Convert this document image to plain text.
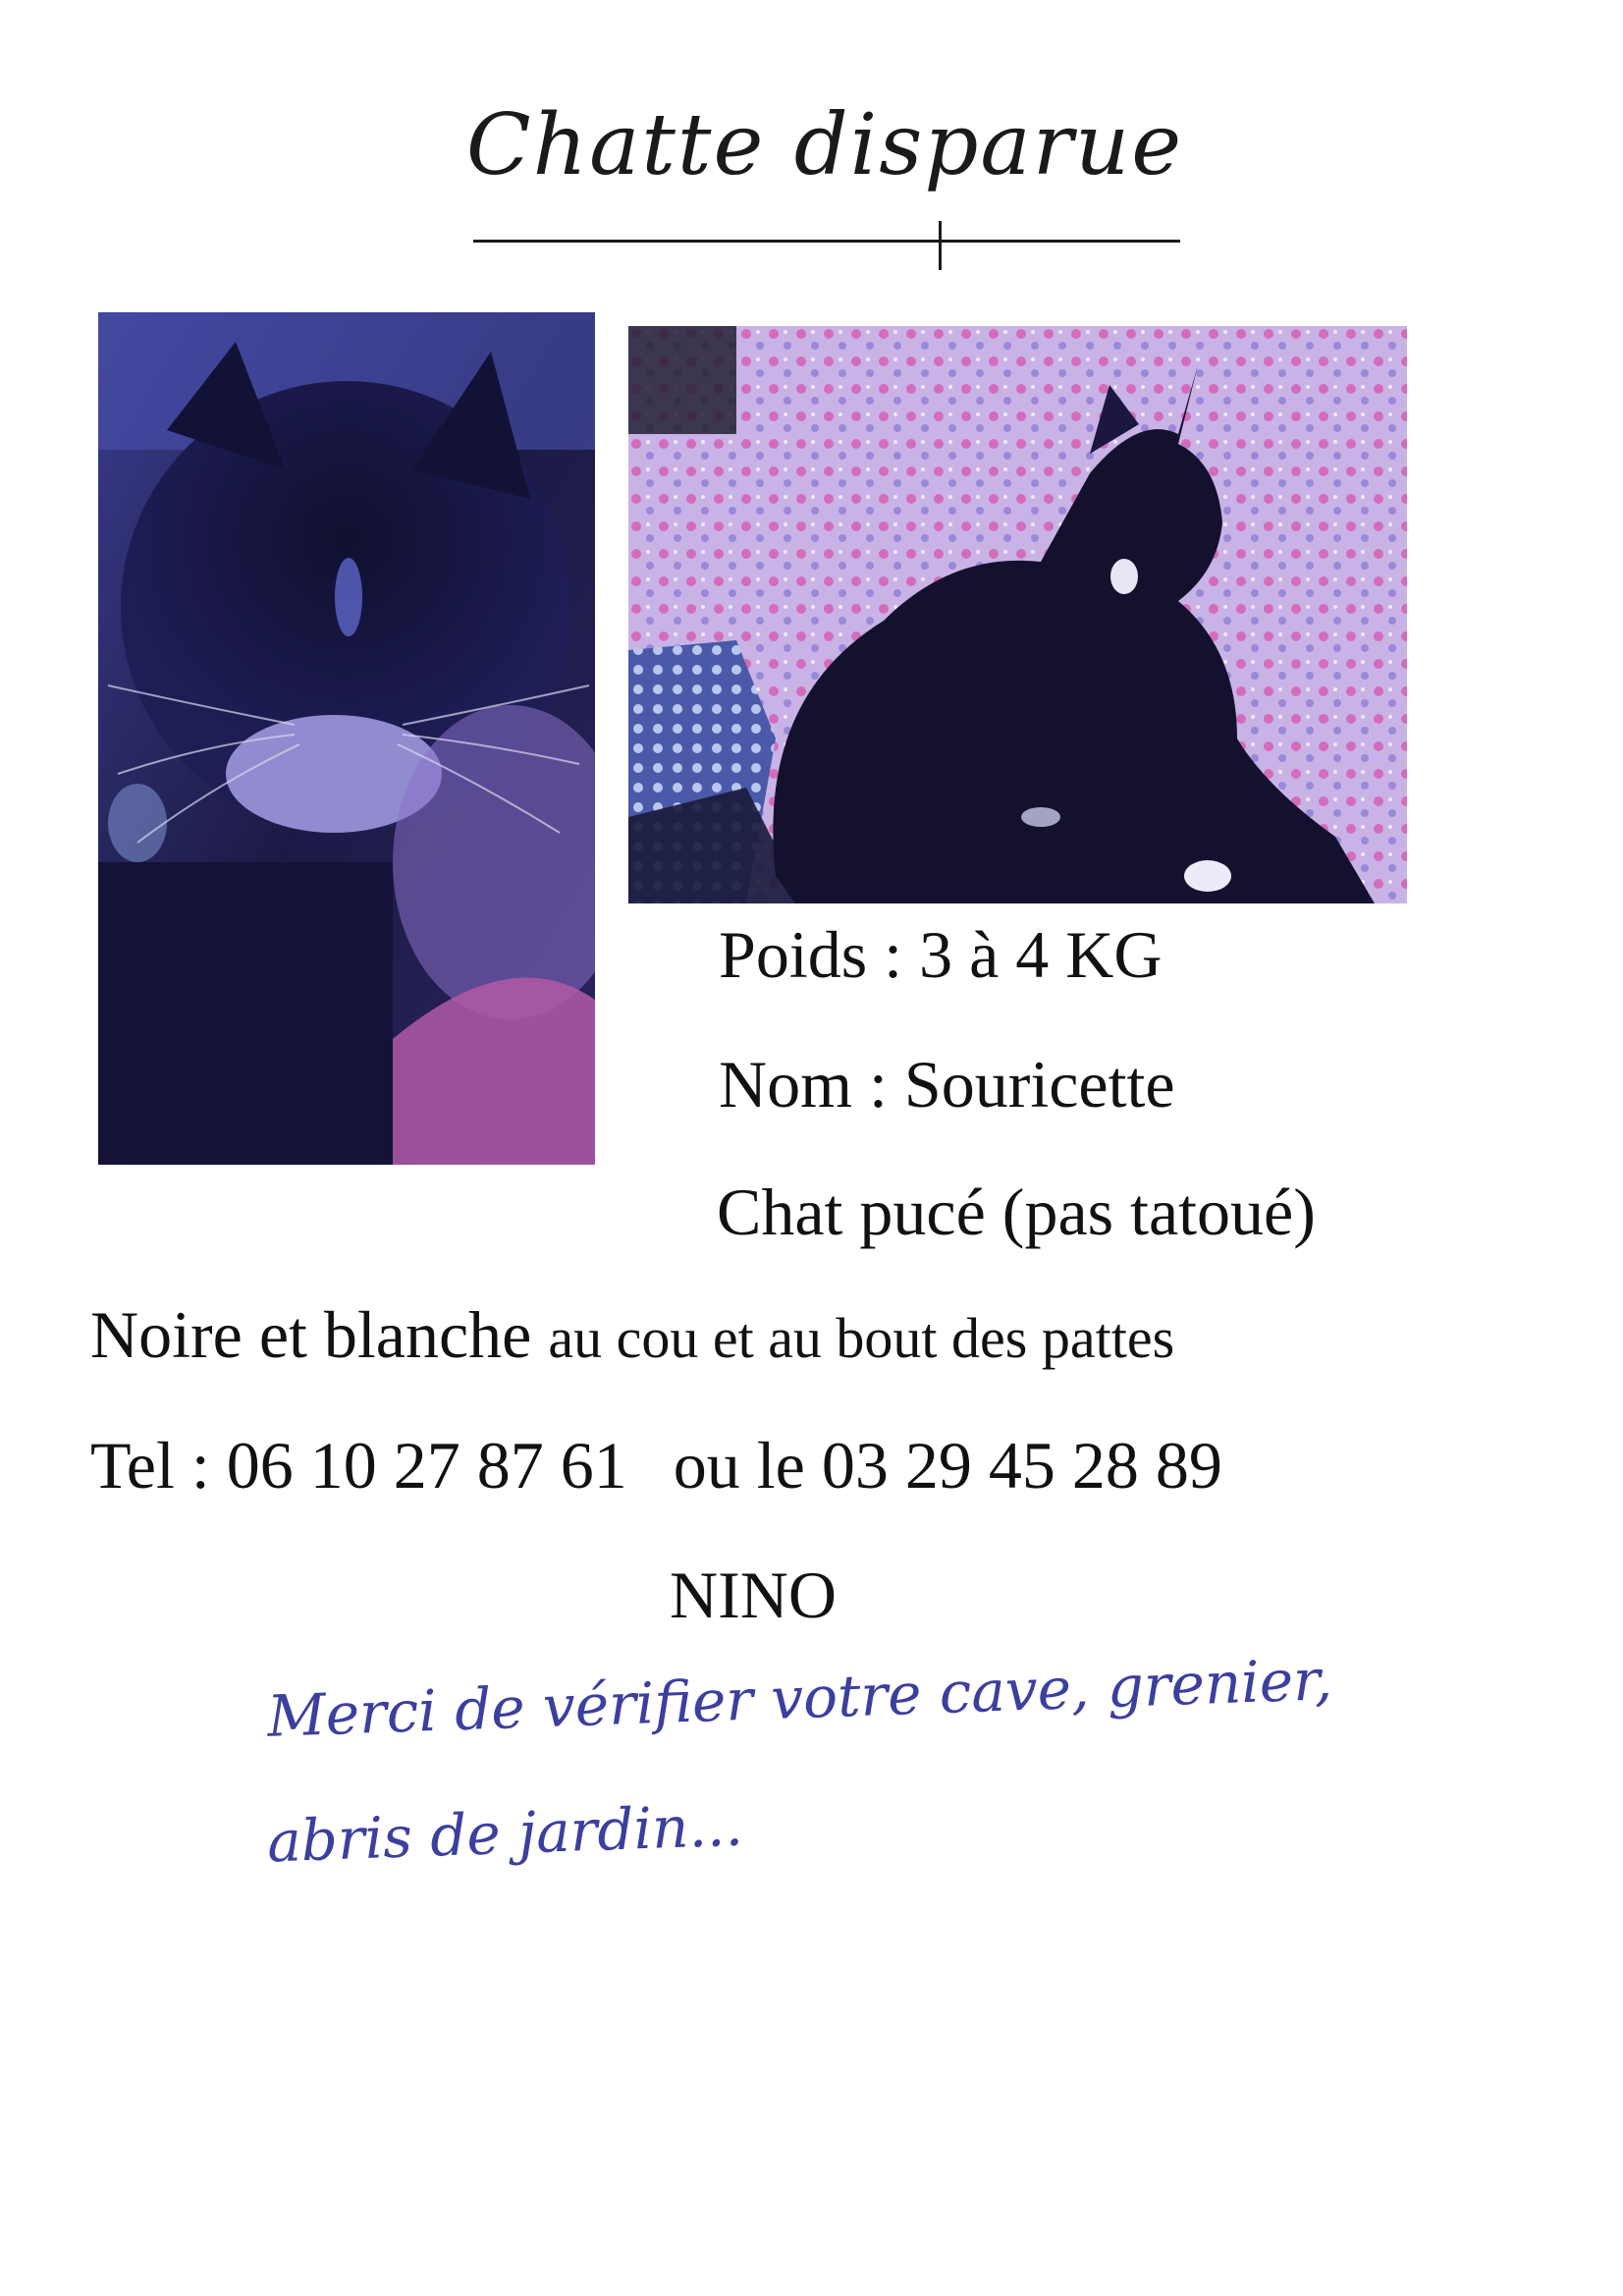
Chatte disparue
Poids : 3 à 4 KG
Nom : Souricette
Chat pucé (pas tatoué)
Noire et blanche au cou et au bout des pattes
Tel : 06 10 27 87 61 ou le 03 29 45 28 89
NINO
Merci de vérifier votre cave, grenier,
abris de jardin...
